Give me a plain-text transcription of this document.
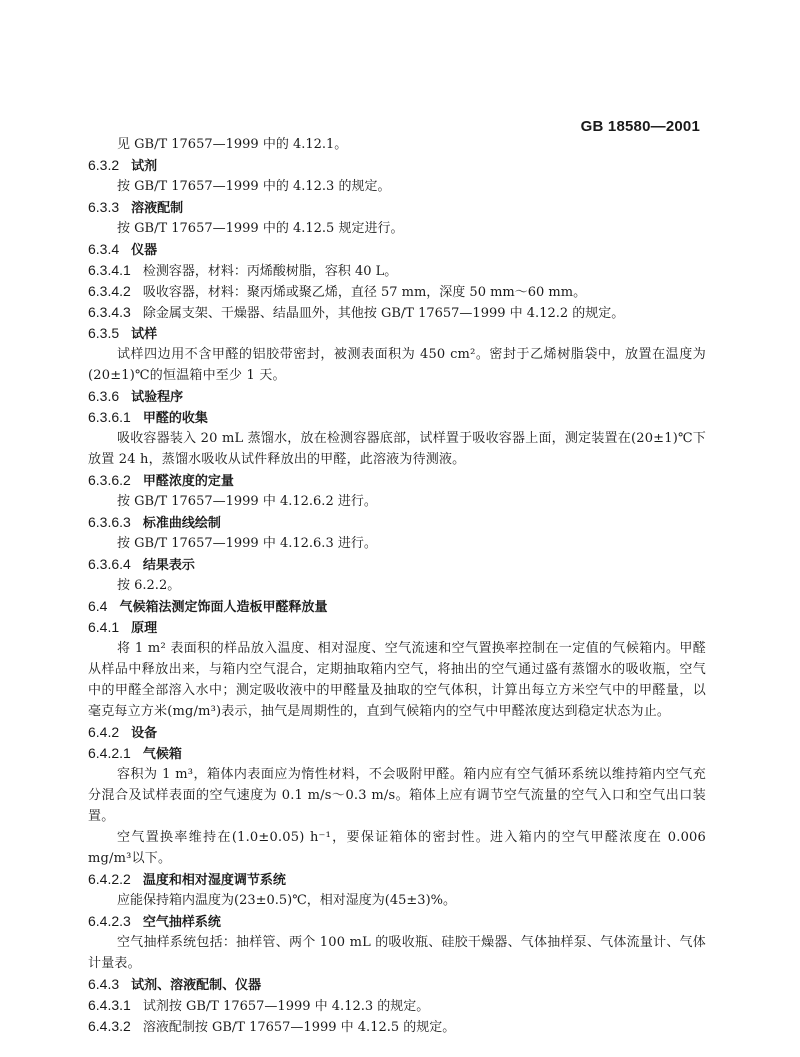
GB 18580—2001
见 GB/T 17657—1999 中的 4.12.1。
6.3.2 试剂
按 GB/T 17657—1999 中的 4.12.3 的规定。
6.3.3 溶液配制
按 GB/T 17657—1999 中的 4.12.5 规定进行。
6.3.4 仪器
6.3.4.1 检测容器，材料：丙烯酸树脂，容积 40 L。
6.3.4.2 吸收容器，材料：聚丙烯或聚乙烯，直径 57 mm，深度 50 mm～60 mm。
6.3.4.3 除金属支架、干燥器、结晶皿外，其他按 GB/T 17657—1999 中 4.12.2 的规定。
6.3.5 试样
试样四边用不含甲醛的铝胶带密封，被测表面积为 450 cm²。密封于乙烯树脂袋中，放置在温度为(20±1)℃的恒温箱中至少 1 天。
6.3.6 试验程序
6.3.6.1 甲醛的收集
吸收容器装入 20 mL 蒸馏水，放在检测容器底部，试样置于吸收容器上面，测定装置在(20±1)℃下放置 24 h，蒸馏水吸收从试件释放出的甲醛，此溶液为待测液。
6.3.6.2 甲醛浓度的定量
按 GB/T 17657—1999 中 4.12.6.2 进行。
6.3.6.3 标准曲线绘制
按 GB/T 17657—1999 中 4.12.6.3 进行。
6.3.6.4 结果表示
按 6.2.2。
6.4 气候箱法测定饰面人造板甲醛释放量
6.4.1 原理
将 1 m² 表面积的样品放入温度、相对湿度、空气流速和空气置换率控制在一定值的气候箱内。甲醛从样品中释放出来，与箱内空气混合，定期抽取箱内空气，将抽出的空气通过盛有蒸馏水的吸收瓶，空气中的甲醛全部溶入水中；测定吸收液中的甲醛量及抽取的空气体积，计算出每立方米空气中的甲醛量，以毫克每立方米(mg/m³)表示，抽气是周期性的，直到气候箱内的空气中甲醛浓度达到稳定状态为止。
6.4.2 设备
6.4.2.1 气候箱
容积为 1 m³，箱体内表面应为惰性材料，不会吸附甲醛。箱内应有空气循环系统以维持箱内空气充分混合及试样表面的空气速度为 0.1 m/s～0.3 m/s。箱体上应有调节空气流量的空气入口和空气出口装置。
空气置换率维持在(1.0±0.05) h⁻¹，要保证箱体的密封性。进入箱内的空气甲醛浓度在 0.006 mg/m³以下。
6.4.2.2 温度和相对湿度调节系统
应能保持箱内温度为(23±0.5)℃，相对湿度为(45±3)%。
6.4.2.3 空气抽样系统
空气抽样系统包括：抽样管、两个 100 mL 的吸收瓶、硅胶干燥器、气体抽样泵、气体流量计、气体计量表。
6.4.3 试剂、溶液配制、仪器
6.4.3.1 试剂按 GB/T 17657—1999 中 4.12.3 的规定。
6.4.3.2 溶液配制按 GB/T 17657—1999 中 4.12.5 的规定。
